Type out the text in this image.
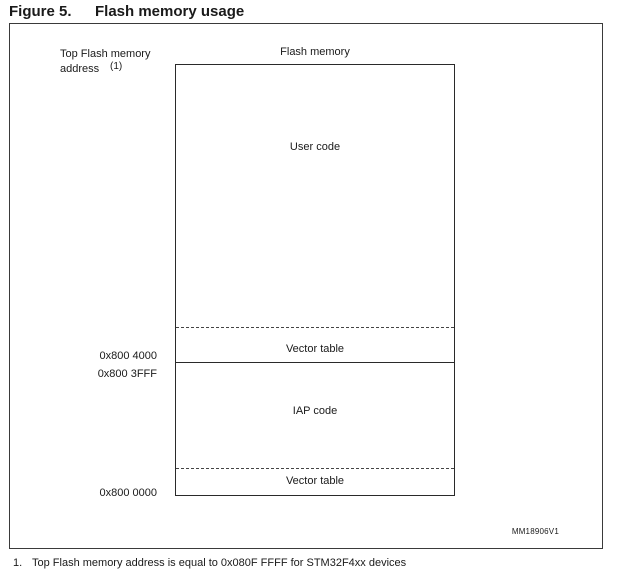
Figure 5. Flash memory usage
Top Flash memory address (1)
Flash memory
User code
Vector table
IAP code
Vector table
0x800 4000
0x800 3FFF
0x800 0000
MM18906V1
1. Top Flash memory address is equal to 0x080F FFFF for STM32F4xx devices
